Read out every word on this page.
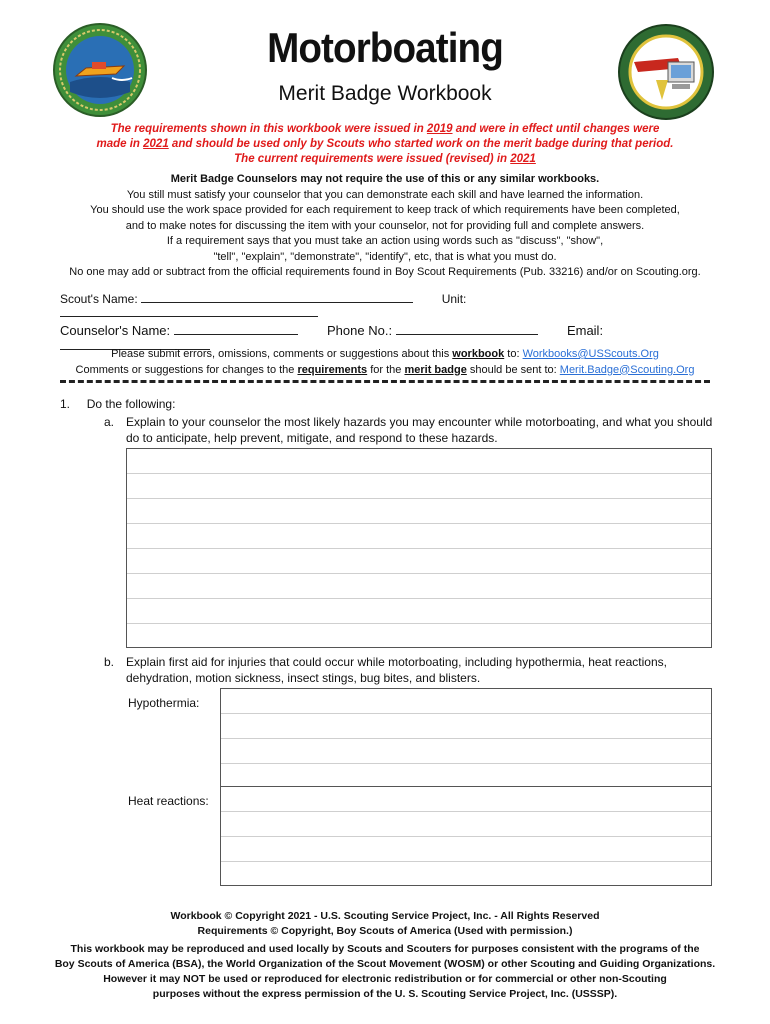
Motorboating
Merit Badge Workbook
The requirements shown in this workbook were issued in 2019 and were in effect until changes were
made in 2021 and should be used only by Scouts who started work on the merit badge during that period.
The current requirements were issued (revised) in 2021
Merit Badge Counselors may not require the use of this or any similar workbooks.
You still must satisfy your counselor that you can demonstrate each skill and have learned the information.
You should use the work space provided for each requirement to keep track of which requirements have been completed,
and to make notes for discussing the item with your counselor, not for providing full and complete answers.
If a requirement says that you must take an action using words such as "discuss", "show",
"tell", "explain", "demonstrate", "identify", etc, that is what you must do.
No one may add or subtract from the official requirements found in Boy Scout Requirements (Pub. 33216) and/or on Scouting.org.
Scout's Name:	Unit:
Counselor's Name:	Phone No.:	Email:
Please submit errors, omissions, comments or suggestions about this workbook to: Workbooks@USScouts.Org
Comments or suggestions for changes to the requirements for the merit badge should be sent to: Merit.Badge@Scouting.Org
1. Do the following:
a. Explain to your counselor the most likely hazards you may encounter while motorboating, and what you should do to anticipate, help prevent, mitigate, and respond to these hazards.
b. Explain first aid for injuries that could occur while motorboating, including hypothermia, heat reactions, dehydration, motion sickness, insect stings, bug bites, and blisters.
Hypothermia:
Heat reactions:
Workbook © Copyright 2021 - U.S. Scouting Service Project, Inc. - All Rights Reserved
Requirements © Copyright, Boy Scouts of America (Used with permission.)
This workbook may be reproduced and used locally by Scouts and Scouters for purposes consistent with the programs of the
Boy Scouts of America (BSA), the World Organization of the Scout Movement (WOSM) or other Scouting and Guiding Organizations.
However it may NOT be used or reproduced for electronic redistribution or for commercial or other non-Scouting
purposes without the express permission of the U. S. Scouting Service Project, Inc. (USSSP).
